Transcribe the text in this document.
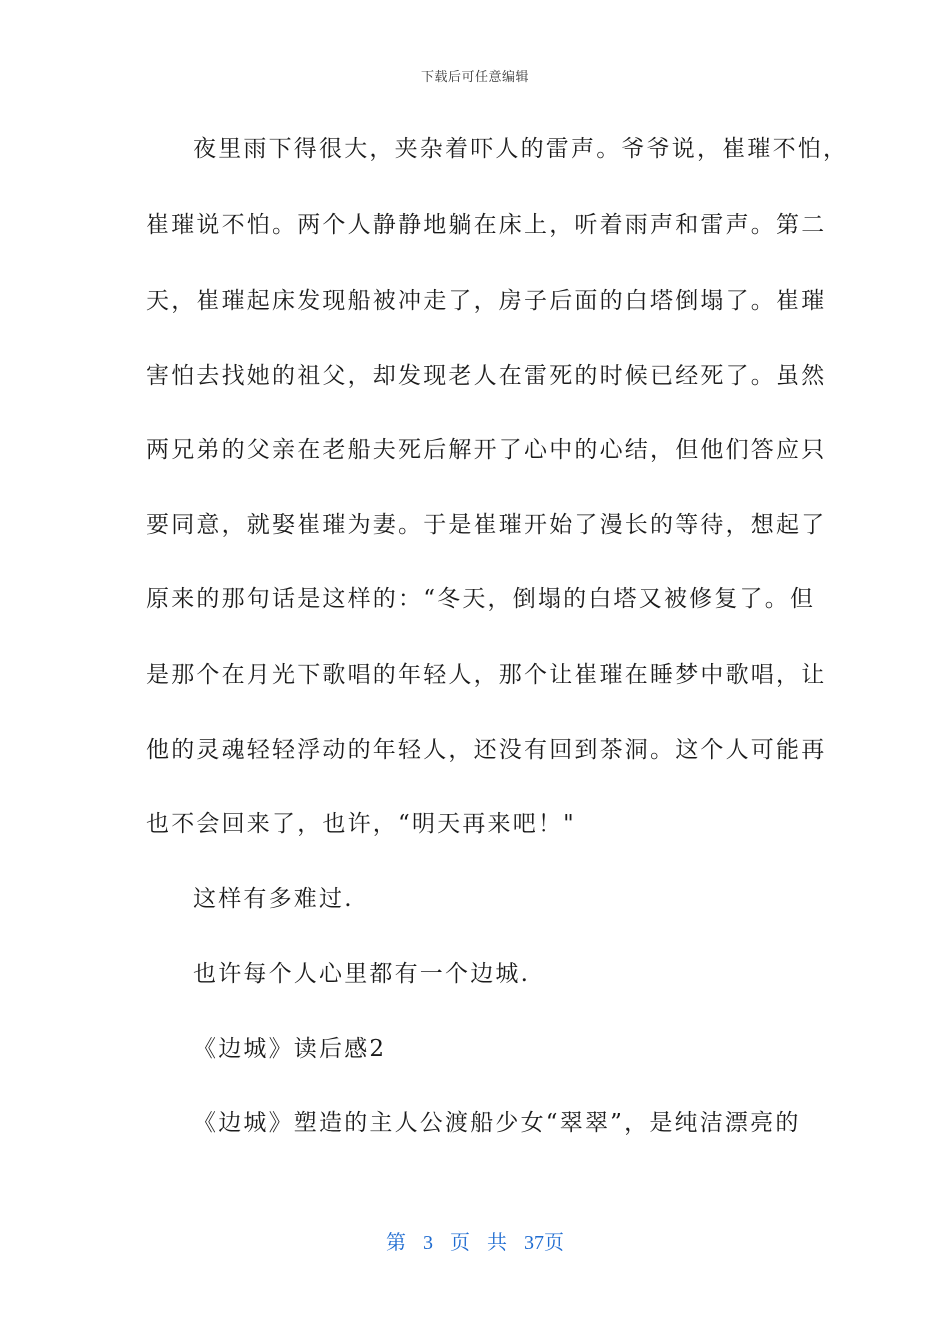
下载后可任意编辑
夜里雨下得很大，夹杂着吓人的雷声。爷爷说，崔璀不怕，
崔璀说不怕。两个人静静地躺在床上，听着雨声和雷声。第二
天，崔璀起床发现船被冲走了，房子后面的白塔倒塌了。崔璀
害怕去找她的祖父，却发现老人在雷死的时候已经死了。虽然
两兄弟的父亲在老船夫死后解开了心中的心结，但他们答应只
要同意，就娶崔璀为妻。于是崔璀开始了漫长的等待，想起了
原来的那句话是这样的：“冬天，倒塌的白塔又被修复了。但
是那个在月光下歌唱的年轻人，那个让崔璀在睡梦中歌唱，让
他的灵魂轻轻浮动的年轻人，还没有回到茶洞。这个人可能再
也不会回来了，也许，“明天再来吧！"
这样有多难过.
也许每个人心里都有一个边城.
《边城》读后感2
《边城》塑造的主人公渡船少女“翠翠”，是纯洁漂亮的
第 3 页 共 37页
